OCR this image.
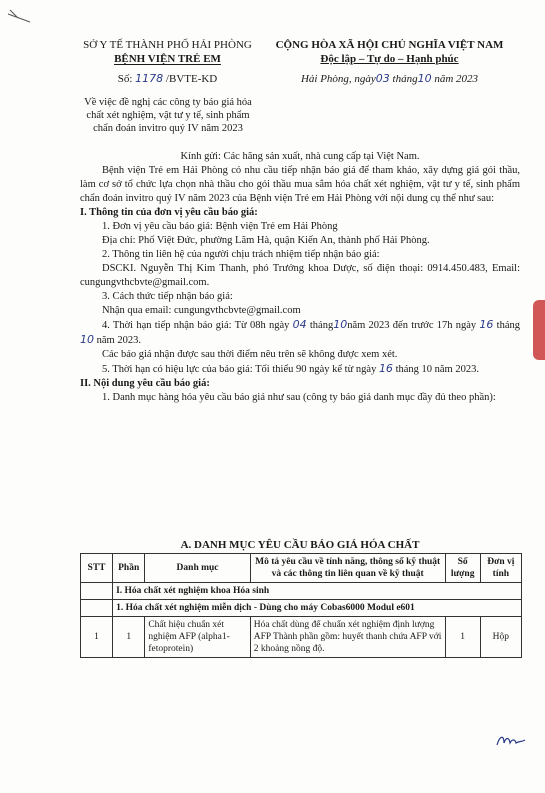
SỞ Y TẾ THÀNH PHỐ HẢI PHÒNG
BỆNH VIỆN TRẺ EM
Số: 1178 /BVTE-KD
CỘNG HÒA XÃ HỘI CHỦ NGHĨA VIỆT NAM
Độc lập – Tự do – Hạnh phúc
Hải Phòng, ngày03 tháng10 năm 2023
Về việc đề nghị các công ty báo giá hóa chất xét nghiệm, vật tư y tế, sinh phẩm chẩn đoán invitro quý IV năm 2023

Kính gửi: Các hãng sản xuất, nhà cung cấp tại Việt Nam.

Bệnh viện Trẻ em Hải Phòng có nhu cầu tiếp nhận báo giá để tham khảo, xây dựng giá gói thầu, làm cơ sở tổ chức lựa chọn nhà thầu cho gói thầu mua sắm hóa chất xét nghiệm, vật tư y tế, sinh phẩm chẩn đoán invitro quý IV năm 2023 của Bệnh viện Trẻ em Hải Phòng với nội dung cụ thể như sau:

I. Thông tin của đơn vị yêu cầu báo giá:

1. Đơn vị yêu cầu báo giá: Bệnh viện Trẻ em Hải Phòng

Địa chỉ: Phố Việt Đức, phường Lãm Hà, quận Kiến An, thành phố Hải Phòng.

2. Thông tin liên hệ của người chịu trách nhiệm tiếp nhận báo giá:

DSCKI. Nguyễn Thị Kim Thanh, phó Trưởng khoa Dược, số điện thoại: 0914.450.483, Email: cungungvthcbvte@gmail.com.

3. Cách thức tiếp nhận báo giá:

Nhận qua email: cungungvthcbvte@gmail.com

4. Thời hạn tiếp nhận báo giá: Từ 08h ngày 04 tháng10năm 2023 đến trước 17h ngày 16 tháng 10 năm 2023.

Các báo giá nhận được sau thời điểm nêu trên sẽ không được xem xét.

5. Thời hạn có hiệu lực của báo giá: Tối thiểu 90 ngày kể từ ngày 16 tháng 10 năm 2023.

II. Nội dung yêu cầu báo giá:

1. Danh mục hàng hóa yêu cầu báo giá như sau (công ty báo giá danh mục đầy đủ theo phần):

A. DANH MỤC YÊU CẦU BÁO GIÁ HÓA CHẤT
STT	Phần	Danh mục	Mô tả yêu cầu về tính năng, thông số kỹ thuật và các thông tin liên quan về kỹ thuật	Số lượng	Đơn vị tính
	I. Hóa chất xét nghiệm khoa Hóa sinh				
	1. Hóa chất xét nghiệm miễn dịch - Dùng cho máy Cobas6000 Modul e601				
1	1	Chất hiệu chuẩn xét nghiệm AFP (alpha1-fetoprotein)	Hóa chất dùng để chuẩn xét nghiệm định lượng AFP Thành phần gồm: huyết thanh chứa AFP với 2 khoảng nồng độ.	1	Hộp
